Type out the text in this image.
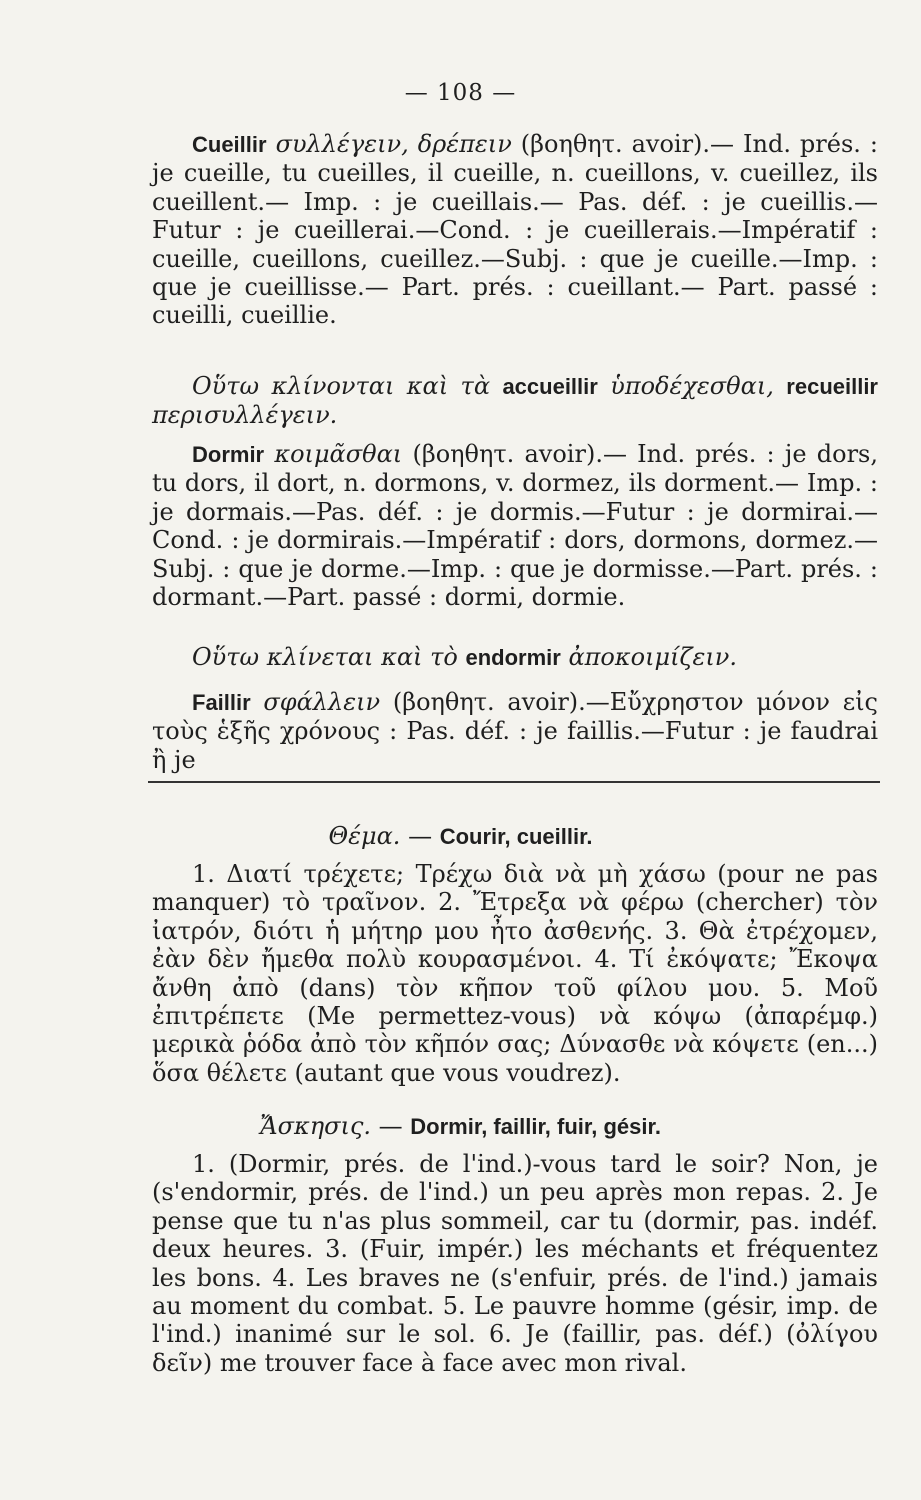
— 108 —

Cueillir συλλέγειν, δρέπειν (βοηθητ. avoir).— Ind. prés. : je cueille, tu cueilles, il cueille, n. cueillons, v. cueillez, ils cueillent.— Imp. : je cueillais.— Pas. déf. : je cueillis.— Futur : je cueillerai.—Cond. : je cueillerais.—Impératif : cueille, cueillons, cueillez.—Subj. : que je cueille.—Imp. : que je cueillisse.— Part. prés. : cueillant.— Part. passé : cueilli, cueillie.

Οὕτω κλίνονται καὶ τὰ accueillir ὑποδέχεσθαι, recueillir περισυλλέγειν.

Dormir κοιμᾶσθαι (βοηθητ. avoir).— Ind. prés. : je dors, tu dors, il dort, n. dormons, v. dormez, ils dorment.— Imp. : je dormais.—Pas. déf. : je dormis.—Futur : je dormirai.—Cond. : je dormirais.—Impératif : dors, dormons, dormez.—Subj. : que je dorme.—Imp. : que je dormisse.—Part. prés. : dormant.—Part. passé : dormi, dormie.

Οὕτω κλίνεται καὶ τὸ endormir ἀποκοιμίζειν.

Faillir σφάλλειν (βοηθητ. avoir).—Εὔχρηστον μόνον εἰς τοὺς ἑξῆς χρόνους : Pas. déf. : je faillis.—Futur : je faudrai ἢ je

Θέμα. — Courir, cueillir.

1. Διατί τρέχετε; Τρέχω διὰ νὰ μὴ χάσω (pour ne pas manquer) τὸ τραῖνον. 2. Ἔτρεξα νὰ φέρω (chercher) τὸν ἰατρόν, διότι ἡ μήτηρ μου ἦτο ἀσθενής. 3. Θὰ ἐτρέχομεν, ἐὰν δὲν ἤμεθα πολὺ κουρασμένοι. 4. Τί ἐκόψατε; Ἔκοψα ἄνθη ἀπὸ (dans) τὸν κῆπον τοῦ φίλου μου. 5. Μοῦ ἐπιτρέπετε (Me permettez-vous) νὰ κόψω (ἀπαρέμφ.) μερικὰ ῥόδα ἀπὸ τὸν κῆπόν σας; Δύνασθε νὰ κόψετε (en...) ὅσα θέλετε (autant que vous voudrez).

Ἄσκησις. — Dormir, faillir, fuir, gésir.

1. (Dormir, prés. de l'ind.)-vous tard le soir? Non, je (s'endormir, prés. de l'ind.) un peu après mon repas. 2. Je pense que tu n'as plus sommeil, car tu (dormir, pas. indéf. deux heures. 3. (Fuir, impér.) les méchants et fréquentez les bons. 4. Les braves ne (s'enfuir, prés. de l'ind.) jamais au moment du combat. 5. Le pauvre homme (gésir, imp. de l'ind.) inanimé sur le sol. 6. Je (faillir, pas. déf.) (ὀλίγου δεῖν) me trouver face à face avec mon rival.
